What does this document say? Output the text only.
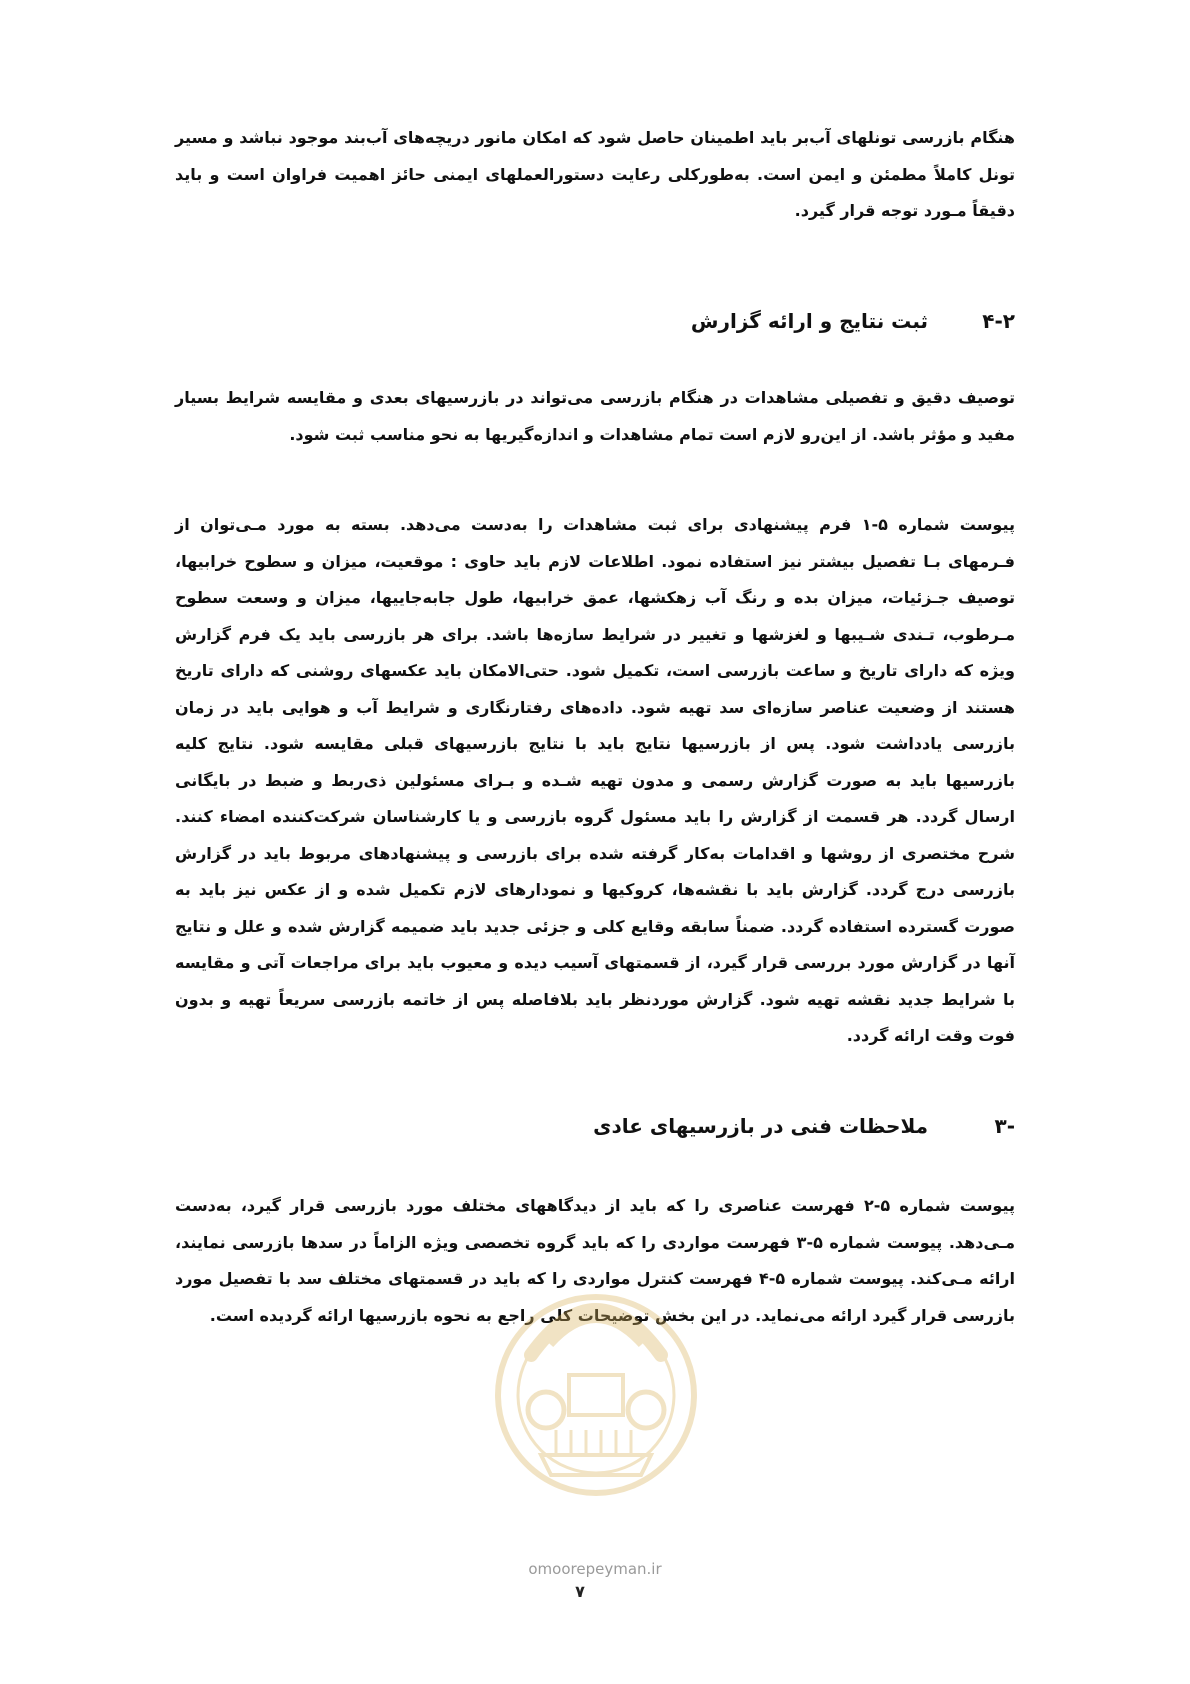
هنگام بازرسی تونلهای آب‌بر باید اطمینان حاصل شود که امکان مانور دریچه‌های آب‌بند موجود نباشد و مسیر تونل کاملاً مطمئن و ایمن است. به‌طورکلی رعایت دستورالعملهای ایمنی حائز اهمیت فراوان است و باید دقیقاً مـورد توجه قرار گیرد.

۴-۲ ثبت نتایج و ارائه گزارش

توصیف دقیق و تفصیلی مشاهدات در هنگام بازرسی می‌تواند در بازرسیهای بعدی و مقایسه شرایط بسیار مفید و مؤثر باشد. از این‌رو لازم است تمام مشاهدات و اندازه‌گیریها به نحو مناسب ثبت شود.

پیوست شماره ۵-۱ فرم پیشنهادی برای ثبت مشاهدات را به‌دست می‌دهد. بسته به مورد مـی‌توان از فـرمهای بـا تفصیل بیشتر نیز استفاده نمود. اطلاعات لازم باید حاوی : موقعیت، میزان و سطوح خرابیها، توصیف جـزئیات، میزان بده و رنگ آب زهکشها، عمق خرابیها، طول جابه‌جاییها، میزان و وسعت سطوح مـرطوب، تـندی شـیبها و لغزشها و تغییر در شرایط سازه‌ها باشد. برای هر بازرسی باید یک فرم گزارش ویژه که دارای تاریخ و ساعت بازرسی است، تکمیل شود. حتی‌الامکان باید عکسهای روشنی که دارای تاریخ هستند از وضعیت عناصر سازه‌ای سد تهیه شود. داده‌های رفتارنگاری و شرایط آب و هوایی باید در زمان بازرسی یادداشت شود. پس از بازرسیها نتایج باید با نتایج بازرسیهای قبلی مقایسه شود. نتایج کلیه بازرسیها باید به صورت گزارش رسمی و مدون تهیه شـده و بـرای مسئولین ذی‌ربط و ضبط در بایگانی ارسال گردد. هر قسمت از گزارش را باید مسئول گروه بازرسی و یا کارشناسان شرکت‌کننده امضاء کنند. شرح مختصری از روشها و اقدامات به‌کار گرفته شده برای بازرسی و پیشنهادهای مربوط باید در گزارش بازرسی درج گردد. گزارش باید با نقشه‌ها، کروکیها و نمودارهای لازم تکمیل شده و از عکس نیز باید به صورت گسترده استفاده گردد. ضمناً سابقه وقایع کلی و جزئی جدید باید ضمیمه گزارش شده و علل و نتایج آنها در گزارش مورد بررسی قرار گیرد، از قسمتهای آسیب دیده و معیوب باید برای مراجعات آتی و مقایسه با شرایط جدید نقشه تهیه شود. گزارش موردنظر باید بلافاصله پس از خاتمه بازرسی سریعاً تهیه و بدون فوت وقت ارائه گردد.

-۳ ملاحظات فنی در بازرسیهای عادی

پیوست شماره ۵-۲ فهرست عناصری را که باید از دیدگاههای مختلف مورد بازرسی قرار گیرد، به‌دست مـی‌دهد. پیوست شماره ۵-۳ فهرست مواردی را که باید گروه تخصصی ویژه الزاماً در سدها بازرسی نمایند، ارائه مـی‌کند. پیوست شماره ۵-۴ فهرست کنترل مواردی را که باید در قسمتهای مختلف سد با تفصیل مورد بازرسی قرار گیرد ارائه می‌نماید. در این بخش توضیحات کلی راجع به نحوه بازرسیها ارائه گردیده است.

omoorepeyman.ir
۷
